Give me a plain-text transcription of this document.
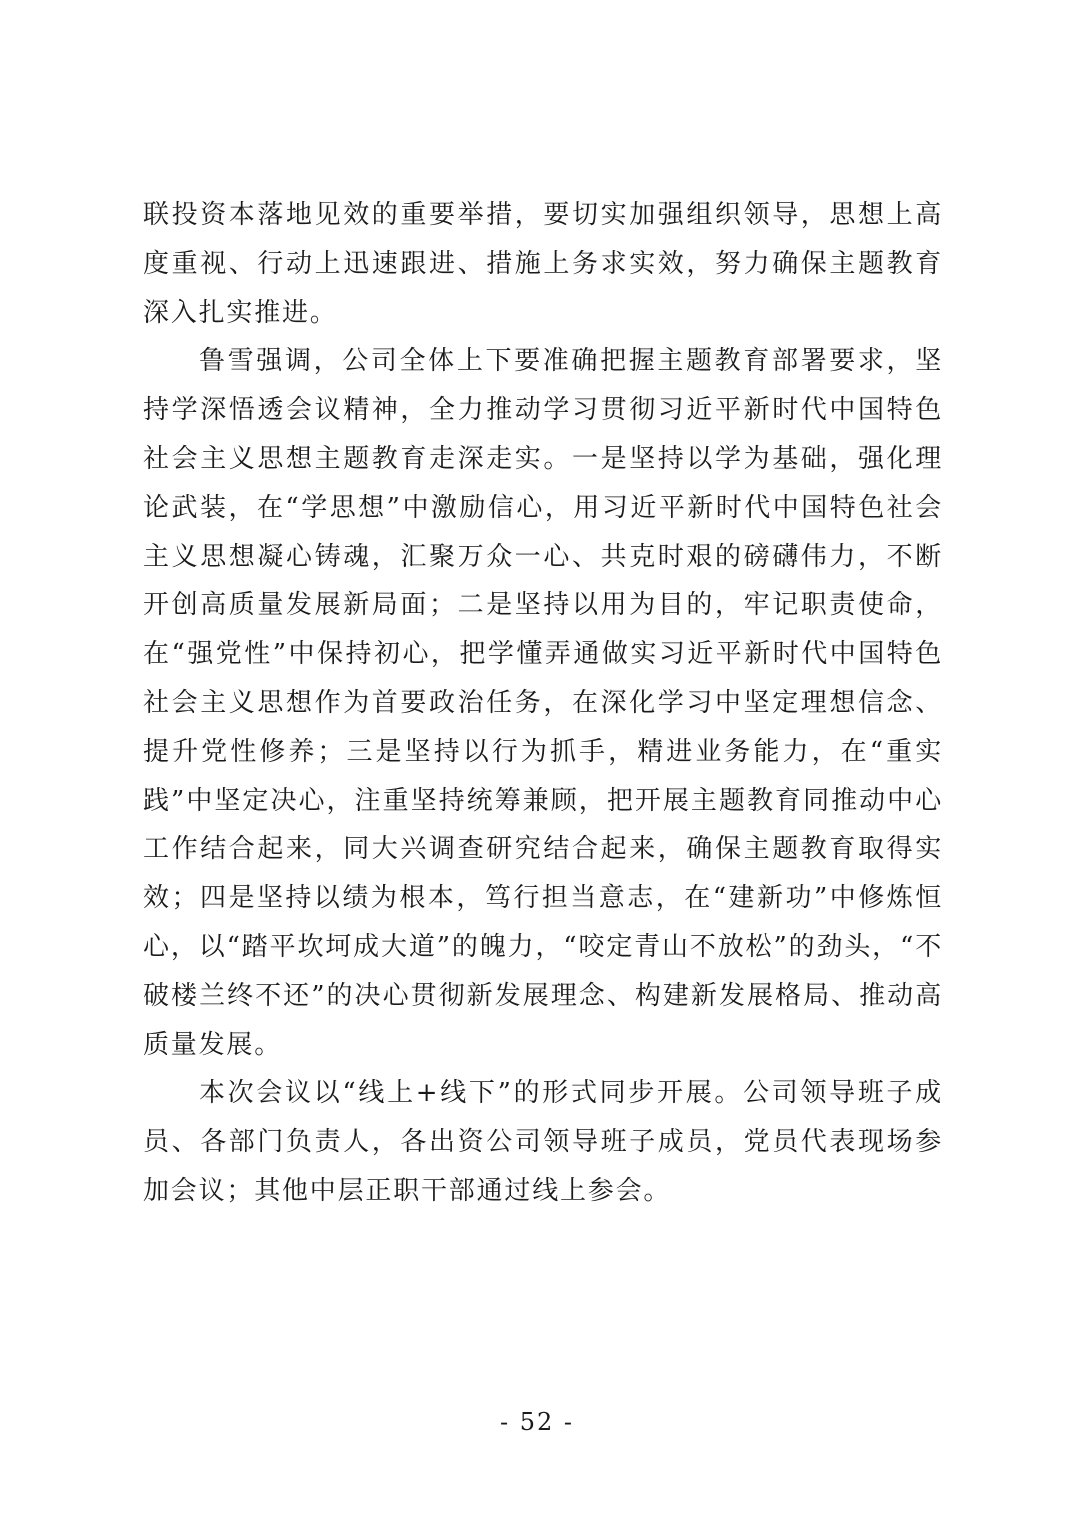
联投资本落地见效的重要举措，要切实加强组织领导，思想上高度重视、行动上迅速跟进、措施上务求实效，努力确保主题教育深入扎实推进。

鲁雪强调，公司全体上下要准确把握主题教育部署要求，坚持学深悟透会议精神，全力推动学习贯彻习近平新时代中国特色社会主义思想主题教育走深走实。一是坚持以学为基础，强化理论武装，在“学思想”中激励信心，用习近平新时代中国特色社会主义思想凝心铸魂，汇聚万众一心、共克时艰的磅礴伟力，不断开创高质量发展新局面；二是坚持以用为目的，牢记职责使命，在“强党性”中保持初心，把学懂弄通做实习近平新时代中国特色社会主义思想作为首要政治任务，在深化学习中坚定理想信念、提升党性修养；三是坚持以行为抓手，精进业务能力，在“重实践”中坚定决心，注重坚持统筹兼顾，把开展主题教育同推动中心工作结合起来，同大兴调查研究结合起来，确保主题教育取得实效；四是坚持以绩为根本，笃行担当意志，在“建新功”中修炼恒心，以“踏平坎坷成大道”的魄力，“咬定青山不放松”的劲头，“不破楼兰终不还”的决心贯彻新发展理念、构建新发展格局、推动高质量发展。

本次会议以“线上+线下”的形式同步开展。公司领导班子成员、各部门负责人，各出资公司领导班子成员，党员代表现场参加会议；其他中层正职干部通过线上参会。

- 52 -
